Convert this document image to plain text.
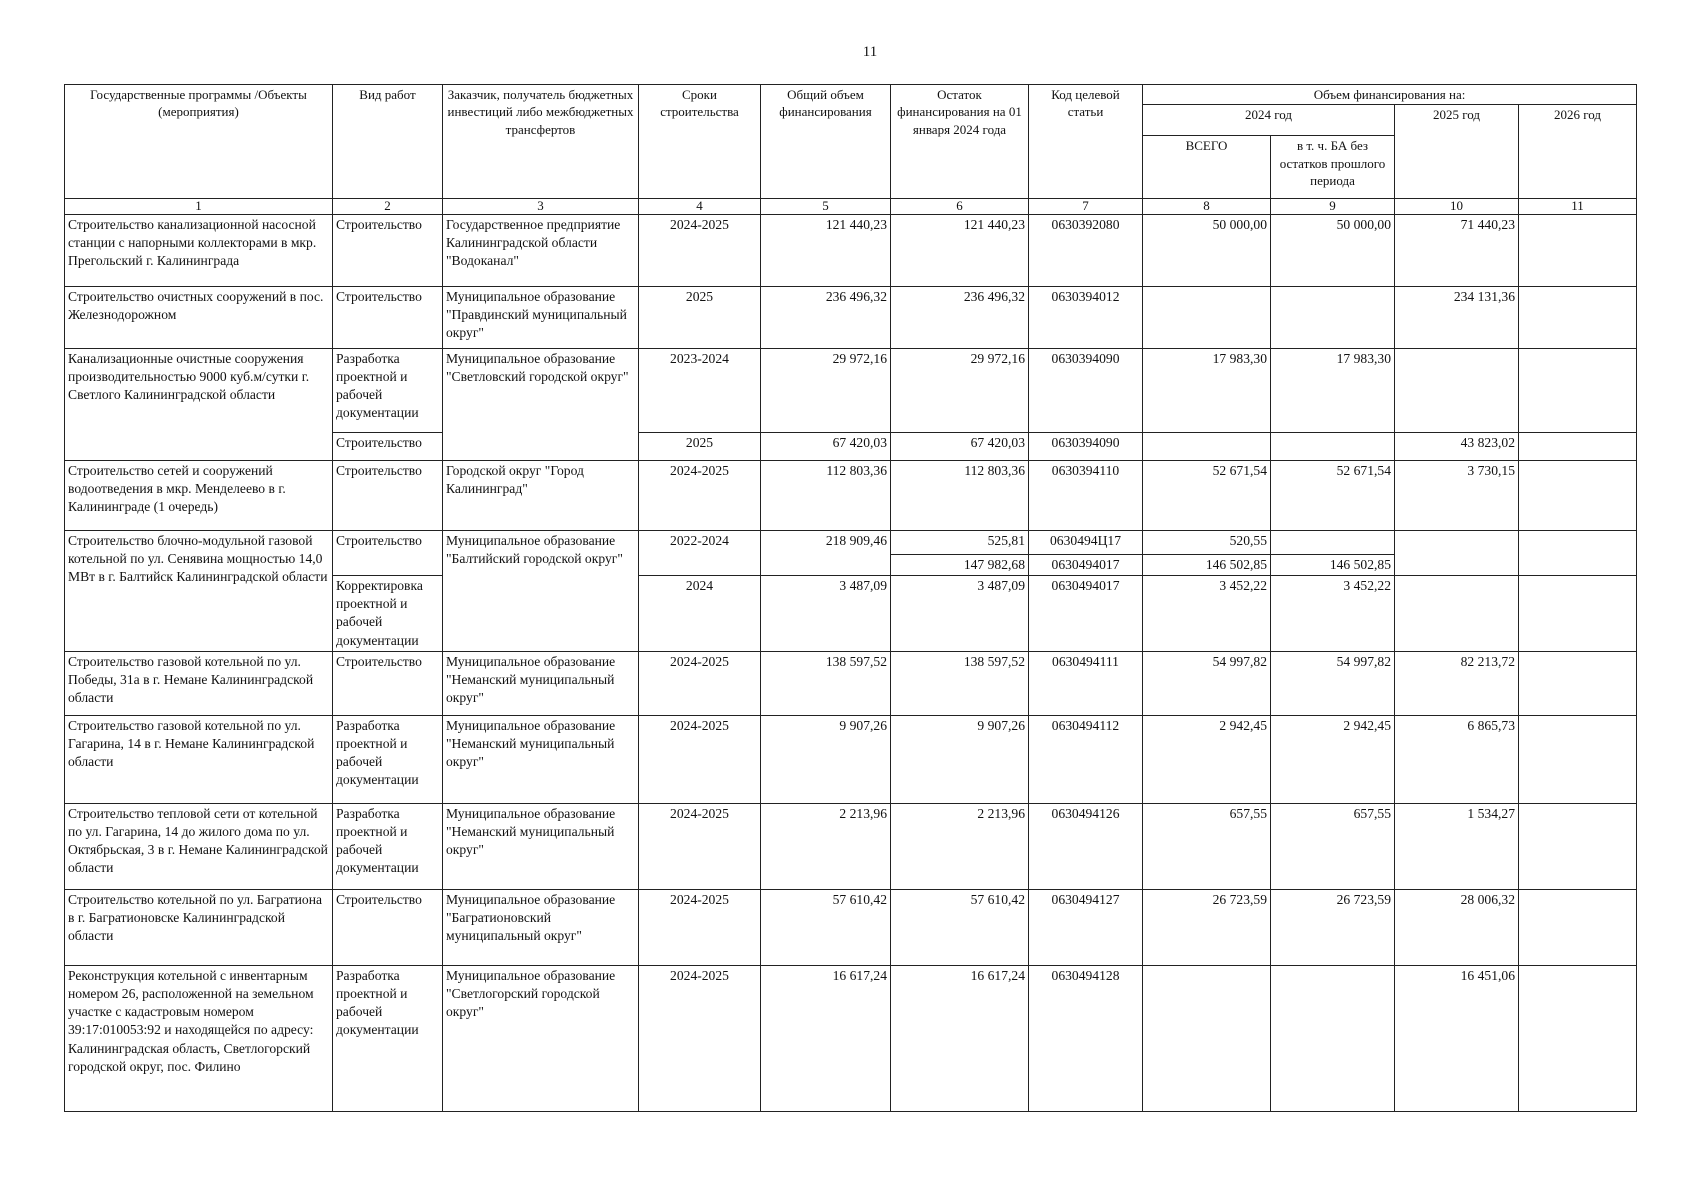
11
Государственные программы /Объекты (мероприятия)	Вид работ	Заказчик, получатель бюджетных инвестиций либо межбюджетных трансфертов	Сроки строительства	Общий объем финансирования	Остаток финансирования на 01 января 2024 года	Код целевой статьи	Объем финансирования на:			
							2024 год		2025 год	2026 год
							ВСЕГО	в т. ч. БА без остатков прошлого периода		
1	2	3	4	5	6	7	8	9	10	11
Строительство канализационной насосной станции с напорными коллекторами в мкр. Прегольский г. Калининграда	Строительство	Государственное предприятие Калининградской области "Водоканал"	2024-2025	121 440,23	121 440,23	0630392080	50 000,00	50 000,00	71 440,23	
Строительство очистных сооружений в пос. Железнодорожном	Строительство	Муниципальное образование "Правдинский муниципальный округ"	2025	236 496,32	236 496,32	0630394012			234 131,36	
Канализационные очистные сооружения производительностью 9000 куб.м/сутки г. Светлого Калининградской области	Разработка проектной и рабочей документации	Муниципальное образование "Светловский городской округ"	2023-2024	29 972,16	29 972,16	0630394090	17 983,30	17 983,30		
	Строительство		2025	67 420,03	67 420,03	0630394090			43 823,02	
Строительство сетей и сооружений водоотведения в мкр. Менделеево в г. Калининграде (1 очередь)	Строительство	Городской округ "Город Калининград"	2024-2025	112 803,36	112 803,36	0630394110	52 671,54	52 671,54	3 730,15	
Строительство блочно-модульной газовой котельной по ул. Сенявина мощностью 14,0 МВт в г. Балтийск Калининградской области	Строительство	Муниципальное образование "Балтийский городской округ"	2022-2024	218 909,46	525,81	0630494Ц17	520,55			
					147 982,68	0630494017	146 502,85	146 502,85		
	Корректировка проектной и рабочей документации		2024	3 487,09	3 487,09	0630494017	3 452,22	3 452,22		
Строительство газовой котельной по ул. Победы, 31а в г. Немане Калининградской области	Строительство	Муниципальное образование "Неманский муниципальный округ"	2024-2025	138 597,52	138 597,52	0630494111	54 997,82	54 997,82	82 213,72	
Строительство газовой котельной по ул. Гагарина, 14 в г. Немане Калининградской области	Разработка проектной и рабочей документации	Муниципальное образование "Неманский муниципальный округ"	2024-2025	9 907,26	9 907,26	0630494112	2 942,45	2 942,45	6 865,73	
Строительство тепловой сети от котельной по ул. Гагарина, 14 до жилого дома по ул. Октябрьская, 3 в г. Немане Калининградской области	Разработка проектной и рабочей документации	Муниципальное образование "Неманский муниципальный округ"	2024-2025	2 213,96	2 213,96	0630494126	657,55	657,55	1 534,27	
Строительство котельной по ул. Багратиона в г. Багратионовске Калининградской области	Строительство	Муниципальное образование "Багратионовский муниципальный округ"	2024-2025	57 610,42	57 610,42	0630494127	26 723,59	26 723,59	28 006,32	
Реконструкция котельной с инвентарным номером 26, расположенной на земельном участке с кадастровым номером 39:17:010053:92 и находящейся по адресу: Калининградская область, Светлогорский городской округ, пос. Филино	Разработка проектной и рабочей документации	Муниципальное образование "Светлогорский городской округ"	2024-2025	16 617,24	16 617,24	0630494128			16 451,06	
